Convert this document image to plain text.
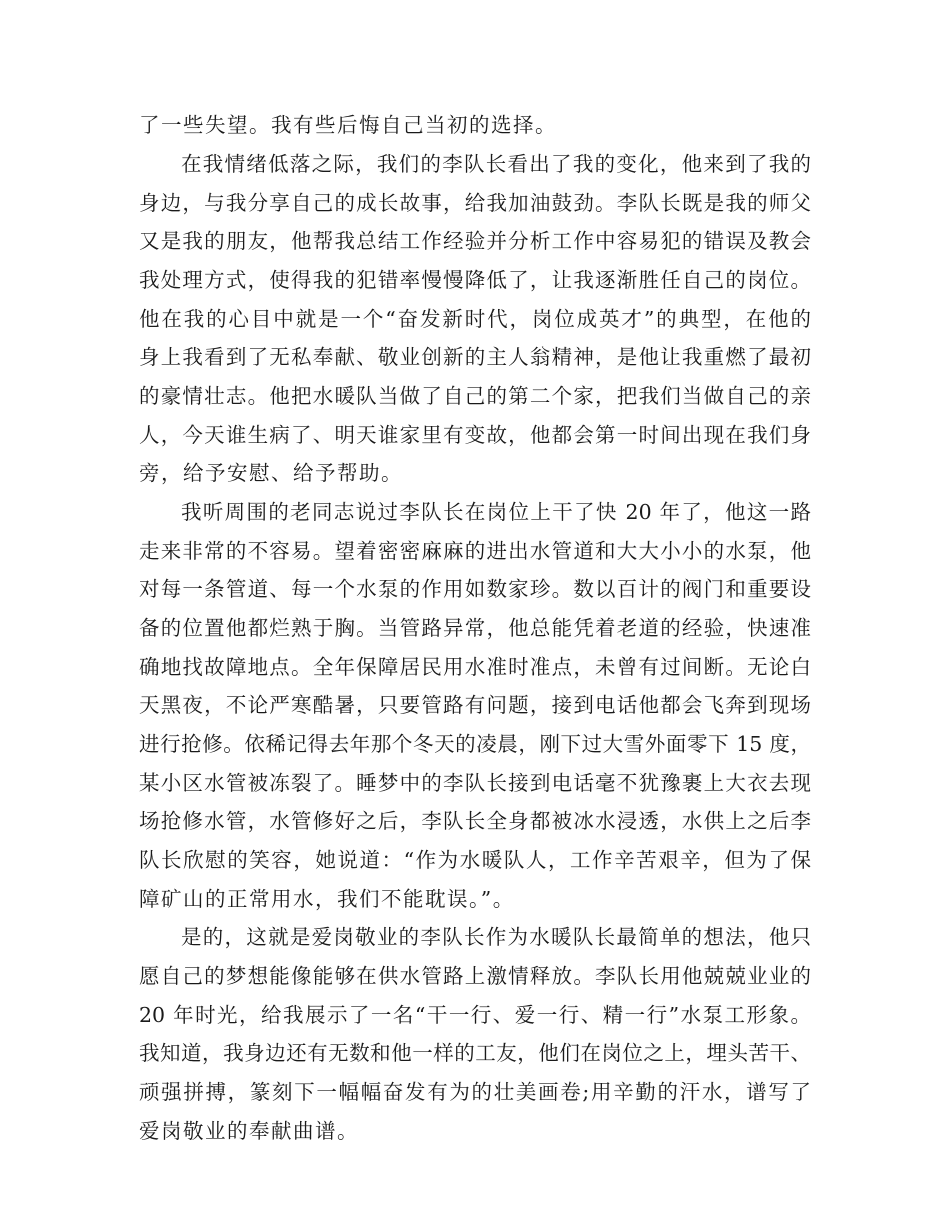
了一些失望。我有些后悔自己当初的选择。
在我情绪低落之际，我们的李队长看出了我的变化，他来到了我的
身边，与我分享自己的成长故事，给我加油鼓劲。李队长既是我的师父
又是我的朋友，他帮我总结工作经验并分析工作中容易犯的错误及教会
我处理方式，使得我的犯错率慢慢降低了，让我逐渐胜任自己的岗位。
他在我的心目中就是一个“奋发新时代，岗位成英才”的典型，在他的
身上我看到了无私奉献、敬业创新的主人翁精神，是他让我重燃了最初
的豪情壮志。他把水暖队当做了自己的第二个家，把我们当做自己的亲
人，今天谁生病了、明天谁家里有变故，他都会第一时间出现在我们身
旁，给予安慰、给予帮助。
我听周围的老同志说过李队长在岗位上干了快 20 年了，他这一路
走来非常的不容易。望着密密麻麻的进出水管道和大大小小的水泵，他
对每一条管道、每一个水泵的作用如数家珍。数以百计的阀门和重要设
备的位置他都烂熟于胸。当管路异常，他总能凭着老道的经验，快速准
确地找故障地点。全年保障居民用水准时准点，未曾有过间断。无论白
天黑夜，不论严寒酷暑，只要管路有问题，接到电话他都会飞奔到现场
进行抢修。依稀记得去年那个冬天的凌晨，刚下过大雪外面零下 15 度，
某小区水管被冻裂了。睡梦中的李队长接到电话毫不犹豫裹上大衣去现
场抢修水管，水管修好之后，李队长全身都被冰水浸透，水供上之后李
队长欣慰的笑容，她说道：“作为水暖队人，工作辛苦艰辛，但为了保
障矿山的正常用水，我们不能耽误。”。
是的，这就是爱岗敬业的李队长作为水暖队长最简单的想法，他只
愿自己的梦想能像能够在供水管路上激情释放。李队长用他兢兢业业的
20 年时光，给我展示了一名“干一行、爱一行、精一行”水泵工形象。
我知道，我身边还有无数和他一样的工友，他们在岗位之上，埋头苦干、
顽强拼搏，篆刻下一幅幅奋发有为的壮美画卷;用辛勤的汗水，谱写了
爱岗敬业的奉献曲谱。
